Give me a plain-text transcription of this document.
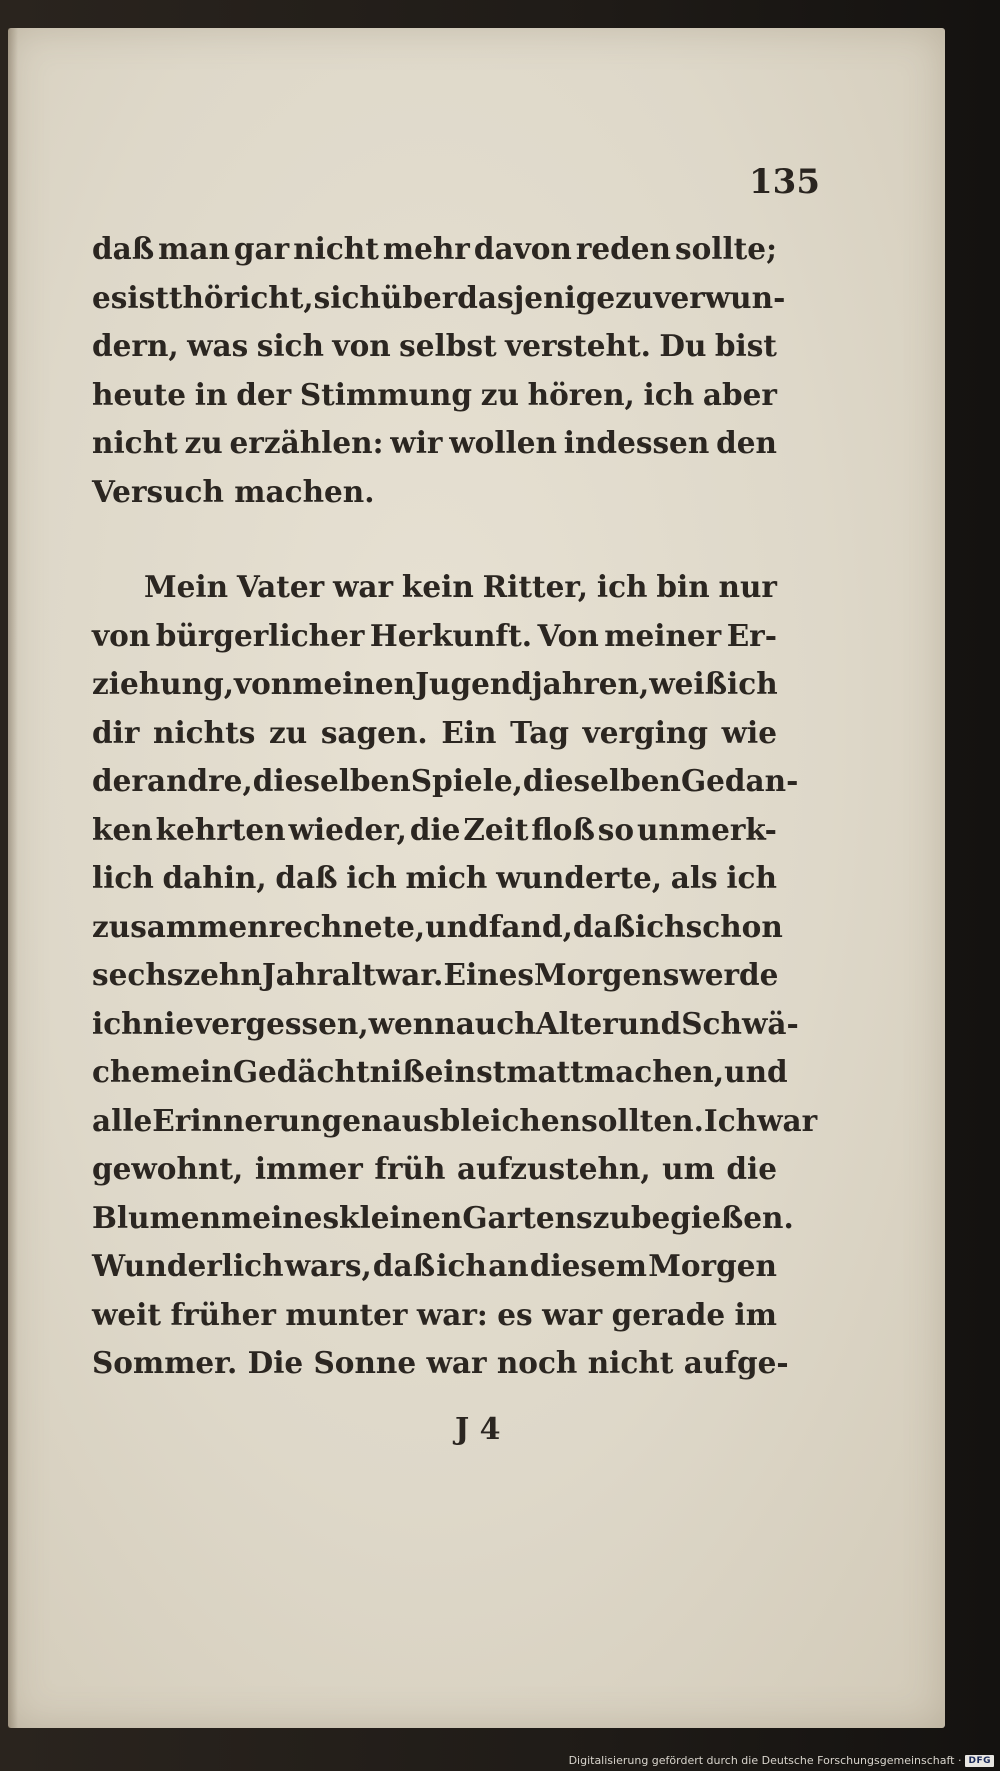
135
daß man gar nicht mehr davon reden sollte;
es ist thöricht, sich über dasjenige zu verwun-
dern, was sich von selbst versteht. Du bist
heute in der Stimmung zu hören, ich aber
nicht zu erzählen: wir wollen indessen den
Versuch machen.
Mein Vater war kein Ritter, ich bin nur
von bürgerlicher Herkunft. Von meiner Er-
ziehung, von meinen Jugendjahren, weiß ich
dir nichts zu sagen. Ein Tag verging wie
der andre, dieselben Spiele, dieselben Gedan-
ken kehrten wieder, die Zeit floß so unmerk-
lich dahin, daß ich mich wunderte, als ich
zusammenrechnete, und fand, daß ich schon
sechszehn Jahr alt war. Eines Morgens werde
ich nie vergessen, wenn auch Alter und Schwä-
che mein Gedächtniß einst matt machen, und
alle Erinnerungen ausbleichen sollten. Ich war
gewohnt, immer früh aufzustehn, um die
Blumen meines kleinen Gartens zu begießen.
Wunderlich wars, daß ich an diesem Morgen
weit früher munter war: es war gerade im
Sommer. Die Sonne war noch nicht aufge-
J 4
Digitalisierung gefördert durch die Deutsche Forschungsgemeinschaft · DFG
